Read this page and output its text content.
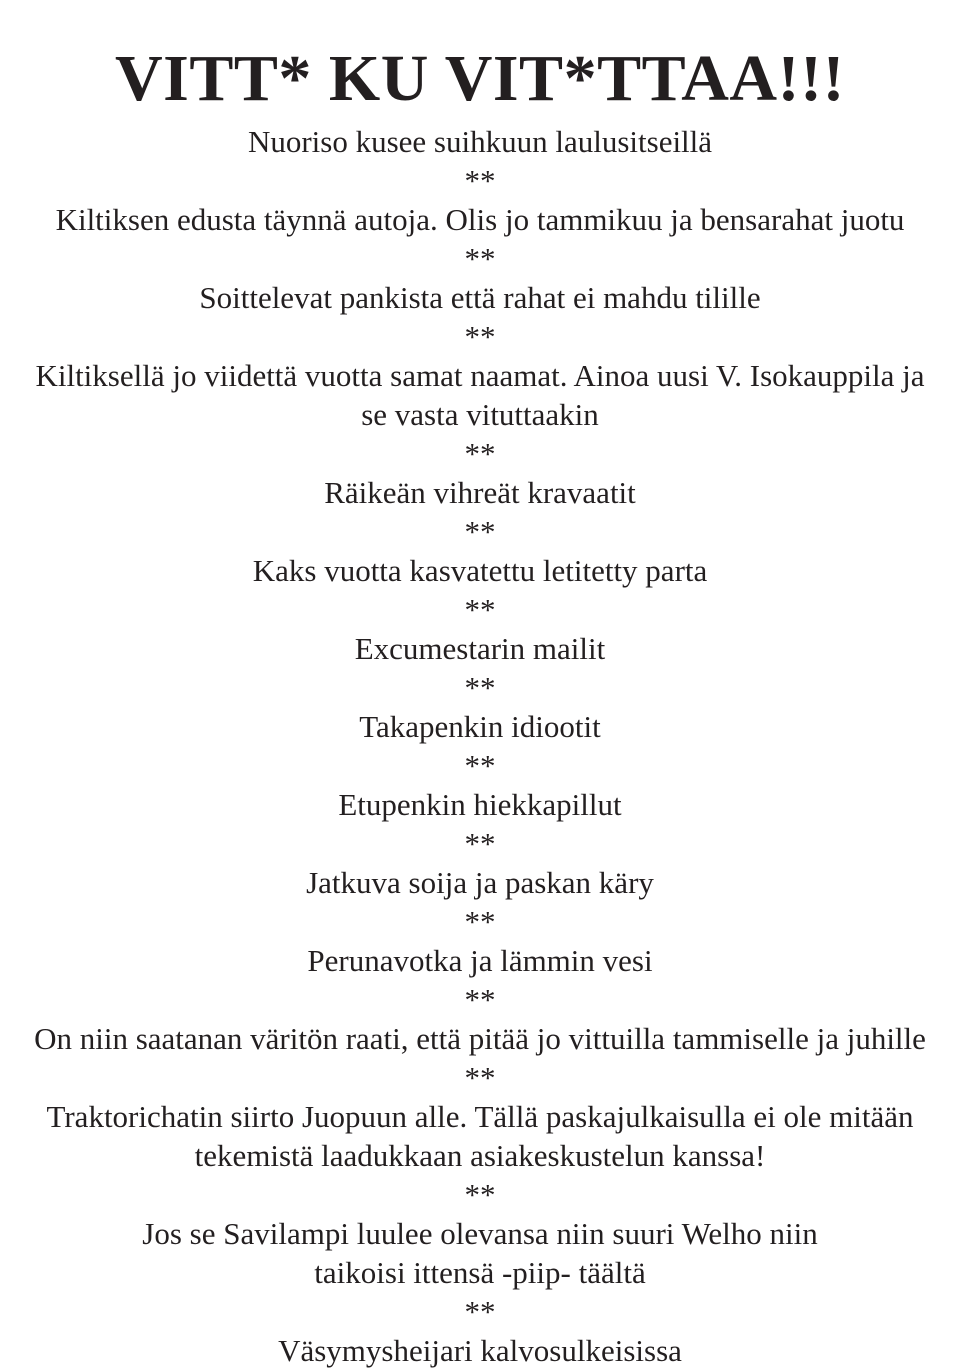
VITT* KU VIT*TTAA!!!

Nuoriso kusee suihkuun laulusitseillä

**

Kiltiksen edusta täynnä autoja. Olis jo tammikuu ja bensarahat juotu

**

Soittelevat pankista että rahat ei mahdu tilille

**

Kiltiksellä jo viidettä vuotta samat naamat. Ainoa uusi V. Isokauppila ja

se vasta vituttaakin

**

Räikeän vihreät kravaatit

**

Kaks vuotta kasvatettu letitetty parta

**

Excumestarin mailit

**

Takapenkin idiootit

**

Etupenkin hiekkapillut

**

Jatkuva soija ja paskan käry

**

Perunavotka ja lämmin vesi

**

On niin saatanan väritön raati, että pitää jo vittuilla tammiselle ja juhille

**

Traktorichatin siirto Juopuun alle. Tällä paskajulkaisulla ei ole mitään

tekemistä laadukkaan asiakeskustelun kanssa!

**

Jos se Savilampi luulee olevansa niin suuri Welho niin

taikoisi ittensä -piip- täältä

**

Väsymysheijari kalvosulkeisissa
